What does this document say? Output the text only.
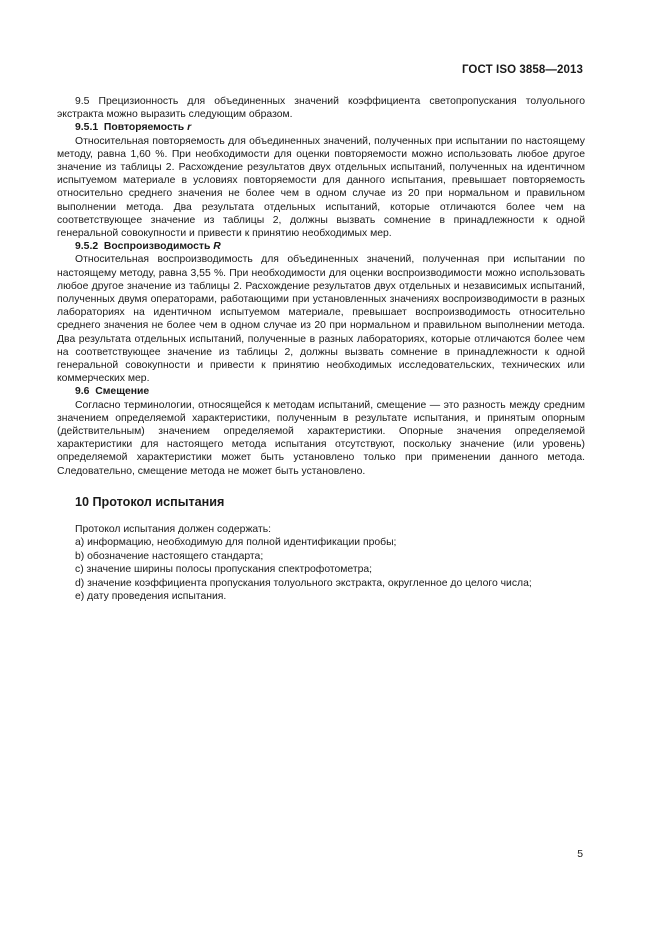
ГОСТ ISO 3858—2013

9.5 Прецизионность для объединенных значений коэффициента светопропускания толуольного экстракта можно выразить следующим образом.

9.5.1 Повторяемость r

Относительная повторяемость для объединенных значений, полученных при испытании по настоящему методу, равна 1,60 %. При необходимости для оценки повторяемости можно использовать любое другое значение из таблицы 2. Расхождение результатов двух отдельных испытаний, полученных на идентичном испытуемом материале в условиях повторяемости для данного испытания, превышает повторяемость относительно среднего значения не более чем в одном случае из 20 при нормальном и правильном выполнении метода. Два результата отдельных испытаний, которые отличаются более чем на соответствующее значение из таблицы 2, должны вызвать сомнение в принадлежности к одной генеральной совокупности и привести к принятию необходимых мер.

9.5.2 Воспроизводимость R

Относительная воспроизводимость для объединенных значений, полученная при испытании по настоящему методу, равна 3,55 %. При необходимости для оценки воспроизводимости можно использовать любое другое значение из таблицы 2. Расхождение результатов двух отдельных и независимых испытаний, полученных двумя операторами, работающими при установленных значениях воспроизводимости в разных лабораториях на идентичном испытуемом материале, превышает воспроизводимость относительно среднего значения не более чем в одном случае из 20 при нормальном и правильном выполнении метода. Два результата отдельных испытаний, полученные в разных лабораториях, которые отличаются более чем на соответствующее значение из таблицы 2, должны вызвать сомнение в принадлежности к одной генеральной совокупности и привести к принятию необходимых исследовательских, технических или коммерческих мер.

9.6 Смещение

Согласно терминологии, относящейся к методам испытаний, смещение — это разность между средним значением определяемой характеристики, полученным в результате испытания, и принятым опорным (действительным) значением определяемой характеристики. Опорные значения определяемой характеристики для настоящего метода испытания отсутствуют, поскольку значение (или уровень) определяемой характеристики может быть установлено только при применении данного метода. Следовательно, смещение метода не может быть установлено.

10 Протокол испытания
Протокол испытания должен содержать:
a) информацию, необходимую для полной идентификации пробы;
b) обозначение настоящего стандарта;
c) значение ширины полосы пропускания спектрофотометра;
d) значение коэффициента пропускания толуольного экстракта, округленное до целого числа;
e) дату проведения испытания.
5
